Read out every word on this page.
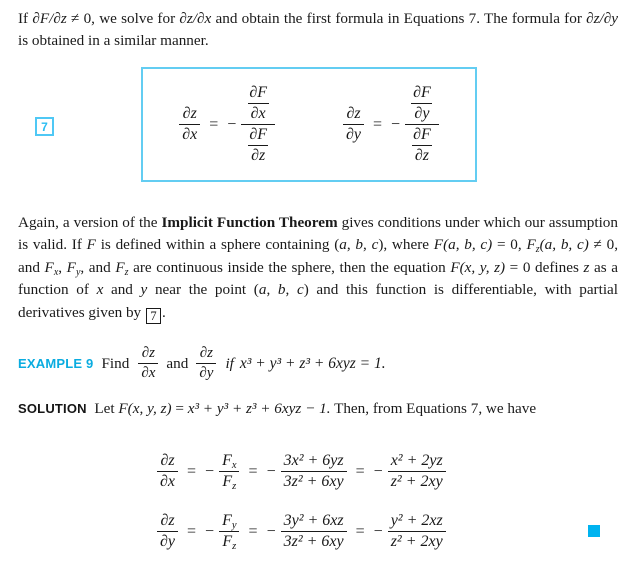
If ∂F/∂z ≠ 0, we solve for ∂z/∂x and obtain the first formula in Equations 7. The formula for ∂z/∂y is obtained in a similar manner.
7	$\frac{\partial z}{\partial x}$ = − $\frac{\frac{\partial F}{\partial x}}{\frac{\partial F}{\partial z}}$	$\frac{\partial z}{\partial y}$ = − $\frac{\frac{\partial F}{\partial y}}{\frac{\partial F}{\partial z}}$
Again, a version of the Implicit Function Theorem gives conditions under which our assumption is valid. If F is defined within a sphere containing (a, b, c), where F(a, b, c) = 0, $F_z(a$, b, c) ≠ 0, and $F_x$, $F_y$, and $F_z$ are continuous inside the sphere, then the equation F(x, y, z) = 0 defines z as a function of x and y near the point (a, b, c) and this function is differentiable, with partial derivatives given by 7 .
EXAMPLE 9 Find $\frac{\partial z}{\partial x}$ and $\frac{\partial z}{\partial y}$ if x³ + y³ + z³ + 6xyz = 1.
SOLUTION Let F(x, y, z) = x³ + y³ + z³ + 6xyz − 1. Then, from Equations 7, we have
$\frac{\partial z}{\partial x}$ = − $\frac{F_x}{F_z}$ = − $\frac{\text{3x² + 6yz}}{\text{3z² + 6xy}}$ = − $\frac{\text{x² + 2yz}}{\text{z² + 2xy}}$
$\frac{\partial z}{\partial y}$ = − $\frac{F_y}{F_z}$ = − $\frac{\text{3y² + 6xz}}{\text{3z² + 6xy}}$ = − $\frac{\text{y² + 2xz}}{\text{z² + 2xy}}$
